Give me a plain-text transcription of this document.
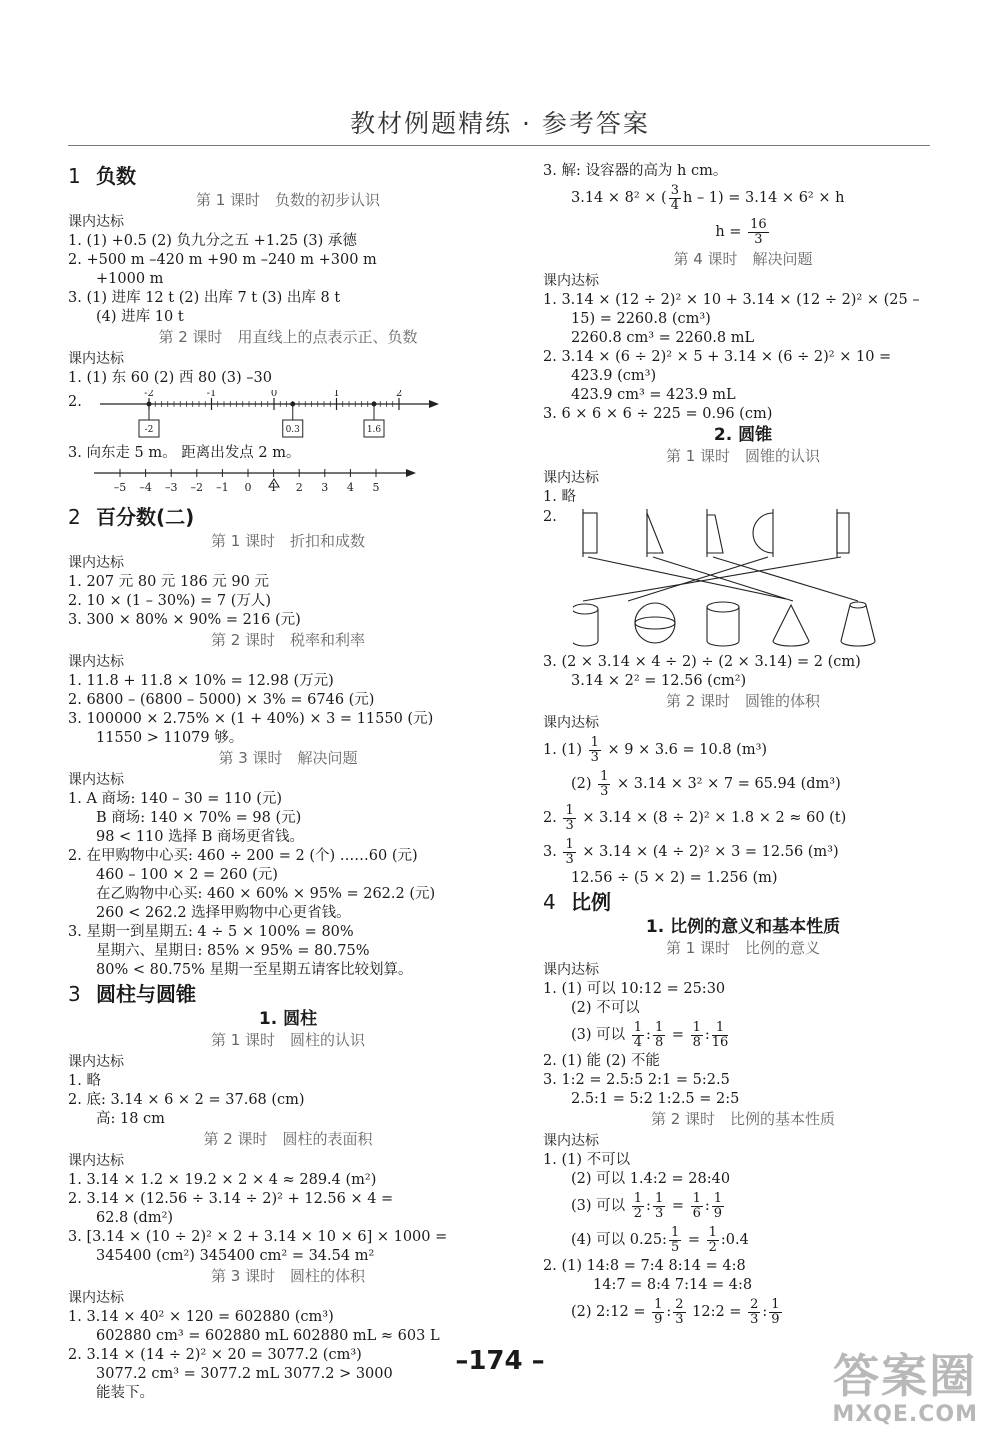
教材例题精练 · 参考答案
1 负数
第 1 课时　负数的初步认识
课内达标
1. (1) +0.5 (2) 负九分之五 +1.25 (3) 承德
2. +500 m –420 m +90 m –240 m +300 m
+1000 m
3. (1) 进库 12 t (2) 出库 7 t (3) 出库 8 t
(4) 进库 10 t
第 2 课时　用直线上的点表示正、负数
课内达标
1. (1) 东 60 (2) 西 80 (3) –30
2.
-2	-1	0	1	2
-2	0.3	1.6
3. 向东走 5 m。 距离出发点 2 m。
–5 –4 –3 –2 –1 0 1 2 3 4 5
2 百分数(二)
第 1 课时　折扣和成数
课内达标
1. 207 元 80 元 186 元 90 元
2. 10 × (1 – 30%) = 7 (万人)
3. 300 × 80% × 90% = 216 (元)
第 2 课时　税率和利率
课内达标
1. 11.8 + 11.8 × 10% = 12.98 (万元)
2. 6800 – (6800 – 5000) × 3% = 6746 (元)
3. 100000 × 2.75% × (1 + 40%) × 3 = 11550 (元)
11550 > 11079 够。
第 3 课时　解决问题
课内达标
1. A 商场: 140 – 30 = 110 (元)
B 商场: 140 × 70% = 98 (元)
98 < 110 选择 B 商场更省钱。
2. 在甲购物中心买: 460 ÷ 200 = 2 (个) ……60 (元)
460 – 100 × 2 = 260 (元)
在乙购物中心买: 460 × 60% × 95% = 262.2 (元)
260 < 262.2 选择甲购物中心更省钱。
3. 星期一到星期五: 4 ÷ 5 × 100% = 80%
星期六、星期日: 85% × 95% = 80.75%
80% < 80.75% 星期一至星期五请客比较划算。
3 圆柱与圆锥
1. 圆柱
第 1 课时　圆柱的认识
课内达标
1. 略
2. 底: 3.14 × 6 × 2 = 37.68 (cm)
高: 18 cm
第 2 课时　圆柱的表面积
课内达标
1. 3.14 × 1.2 × 19.2 × 2 × 4 ≈ 289.4 (m²)
2. 3.14 × (12.56 ÷ 3.14 ÷ 2)² + 12.56 × 4 =
62.8 (dm²)
3. [3.14 × (10 ÷ 2)² × 2 + 3.14 × 10 × 6] × 1000 =
345400 (cm²) 345400 cm² = 34.54 m²
第 3 课时　圆柱的体积
课内达标
1. 3.14 × 40² × 120 = 602880 (cm³)
602880 cm³ = 602880 mL 602880 mL ≈ 603 L
2. 3.14 × (14 ÷ 2)² × 20 = 3077.2 (cm³)
3077.2 cm³ = 3077.2 mL 3077.2 > 3000
能装下。
3. 解: 设容器的高为 h cm。
3.14 × 8² × ( $\frac{3}{4}$ h – 1) = 3.14 × 6² × h
$h = \frac{16}{3}$
第 4 课时　解决问题
课内达标
1. 3.14 × (12 ÷ 2)² × 10 + 3.14 × (12 ÷ 2)² × (25 –
15) = 2260.8 (cm³)
2260.8 cm³ = 2260.8 mL
2. 3.14 × (6 ÷ 2)² × 5 + 3.14 × (6 ÷ 2)² × 10 =
423.9 (cm³)
423.9 cm³ = 423.9 mL
3. 6 × 6 × 6 ÷ 225 = 0.96 (cm)
2. 圆锥
第 1 课时　圆锥的认识
课内达标
1. 略
2.
3. (2 × 3.14 × 4 ÷ 2) ÷ (2 × 3.14) = 2 (cm)
3.14 × 2² = 12.56 (cm²)
第 2 课时　圆锥的体积
课内达标
1. $(1) \frac{1}{3} \times 9 \times 3.6 = 10.8$ (m³)
$(2) \frac{1}{3} \times 3.14 \times 3^2 \times 7 = 65.94$ (dm³)
2. $\frac{1}{3} \times 3.14 \times (8 \div 2)^2 \times 1.8 \times 2 \approx 60$ (t)
3. $\frac{1}{3} \times 3.14 \times (4 \div 2)^2 \times 3 = 12.56$ (m³)
12.56 ÷ (5 × 2) = 1.256 (m)
4 比例
1. 比例的意义和基本性质
第 1 课时　比例的意义
课内达标
1. (1) 可以 10:12 = 25:30
(2) 不可以
(3) 可以 $\frac{1}{4}$ : $\frac{1}{8} = \frac{1}{8}$ : $\frac{1}{16}$
2. (1) 能 (2) 不能
3. 1:2 = 2.5:5 2:1 = 5:2.5
2.5:1 = 5:2 1:2.5 = 2:5
第 2 课时　比例的基本性质
课内达标
1. (1) 不可以
(2) 可以 1.4:2 = 28:40
(3) 可以 $\frac{1}{2}$ : $\frac{1}{3} = \frac{1}{6}$ : $\frac{1}{9}$
(4) 可以 0.25: $\frac{1}{5} = \frac{1}{2}$ :0.4
2. (1) 14:8 = 7:4 8:14 = 4:8
14:7 = 8:4 7:14 = 4:8
(2) 2:12 = $\frac{1}{9}$ : $\frac{2}{3}$ 12:2 = $\frac{2}{3}$ : $\frac{1}{9}$
–174 –	答案圈
MXQE.COM
